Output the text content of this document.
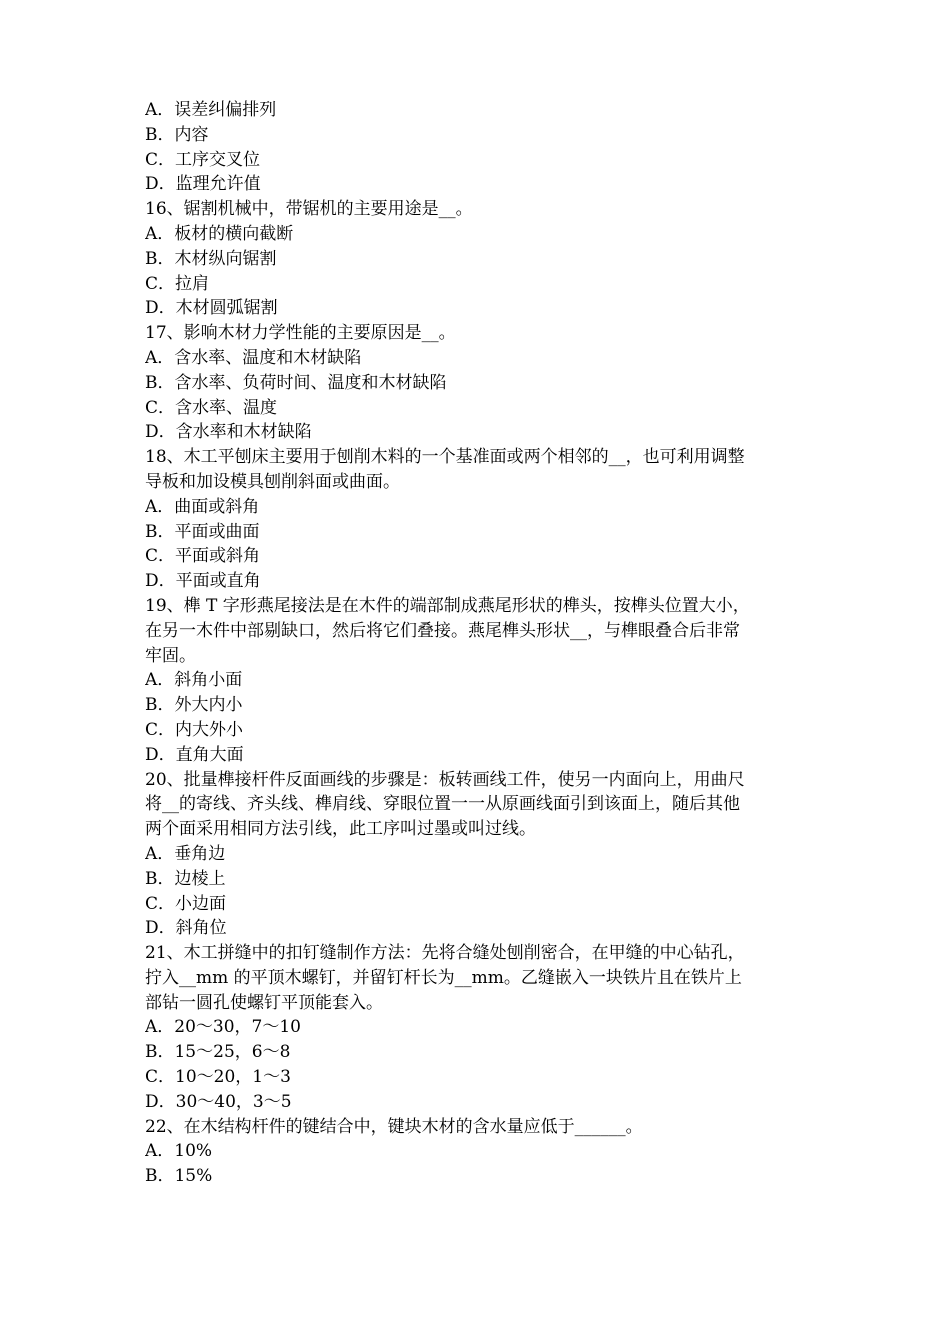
A．误差纠偏排列
B．内容
C．工序交叉位
D．监理允许值
16、锯割机械中，带锯机的主要用途是__。
A．板材的横向截断
B．木材纵向锯割
C．拉肩
D．木材圆弧锯割
17、影响木材力学性能的主要原因是__。
A．含水率、温度和木材缺陷
B．含水率、负荷时间、温度和木材缺陷
C．含水率、温度
D．含水率和木材缺陷
18、木工平刨床主要用于刨削木料的一个基准面或两个相邻的__，也可利用调整
导板和加设模具刨削斜面或曲面。
A．曲面或斜角
B．平面或曲面
C．平面或斜角
D．平面或直角
19、榫 T 字形燕尾接法是在木件的端部制成燕尾形状的榫头，按榫头位置大小，
在另一木件中部剔缺口，然后将它们叠接。燕尾榫头形状__，与榫眼叠合后非常
牢固。
A．斜角小面
B．外大内小
C．内大外小
D．直角大面
20、批量榫接杆件反面画线的步骤是：板转画线工件，使另一内面向上，用曲尺
将__的寄线、齐头线、榫肩线、穿眼位置一一从原画线面引到该面上，随后其他
两个面采用相同方法引线，此工序叫过墨或叫过线。
A．垂角边
B．边棱上
C．小边面
D．斜角位
21、木工拼缝中的扣钉缝制作方法：先将合缝处刨削密合，在甲缝的中心钻孔，
拧入__mm 的平顶木螺钉，并留钉杆长为__mm。乙缝嵌入一块铁片且在铁片上
部钻一圆孔使螺钉平顶能套入。
A．20～30，7～10
B．15～25，6～8
C．10～20，1～3
D．30～40，3～5
22、在木结构杆件的键结合中，键块木材的含水量应低于______。
A．10%
B．15%
